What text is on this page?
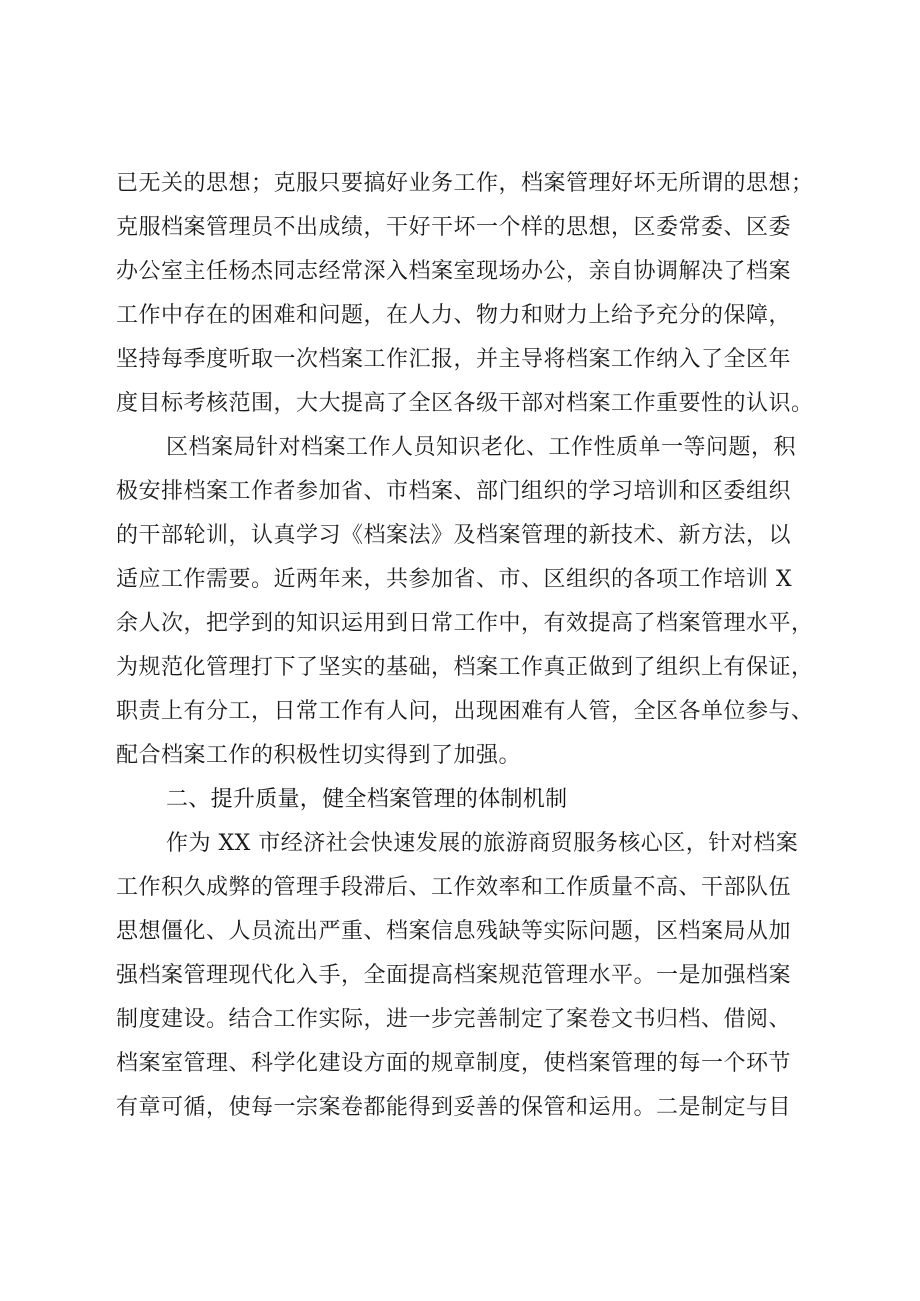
已无关的思想；克服只要搞好业务工作，档案管理好坏无所谓的思想；
克服档案管理员不出成绩，干好干坏一个样的思想，区委常委、区委
办公室主任杨杰同志经常深入档案室现场办公，亲自协调解决了档案
工作中存在的困难和问题，在人力、物力和财力上给予充分的保障，
坚持每季度听取一次档案工作汇报，并主导将档案工作纳入了全区年
度目标考核范围，大大提高了全区各级干部对档案工作重要性的认识。
区档案局针对档案工作人员知识老化、工作性质单一等问题，积
极安排档案工作者参加省、市档案、部门组织的学习培训和区委组织
的干部轮训，认真学习《档案法》及档案管理的新技术、新方法，以
适应工作需要。近两年来，共参加省、市、区组织的各项工作培训 X
余人次，把学到的知识运用到日常工作中，有效提高了档案管理水平，
为规范化管理打下了坚实的基础，档案工作真正做到了组织上有保证，
职责上有分工，日常工作有人问，出现困难有人管，全区各单位参与、
配合档案工作的积极性切实得到了加强。
二、提升质量，健全档案管理的体制机制
作为 XX 市经济社会快速发展的旅游商贸服务核心区，针对档案
工作积久成弊的管理手段滞后、工作效率和工作质量不高、干部队伍
思想僵化、人员流出严重、档案信息残缺等实际问题，区档案局从加
强档案管理现代化入手，全面提高档案规范管理水平。一是加强档案
制度建设。结合工作实际，进一步完善制定了案卷文书归档、借阅、
档案室管理、科学化建设方面的规章制度，使档案管理的每一个环节
有章可循，使每一宗案卷都能得到妥善的保管和运用。二是制定与目
